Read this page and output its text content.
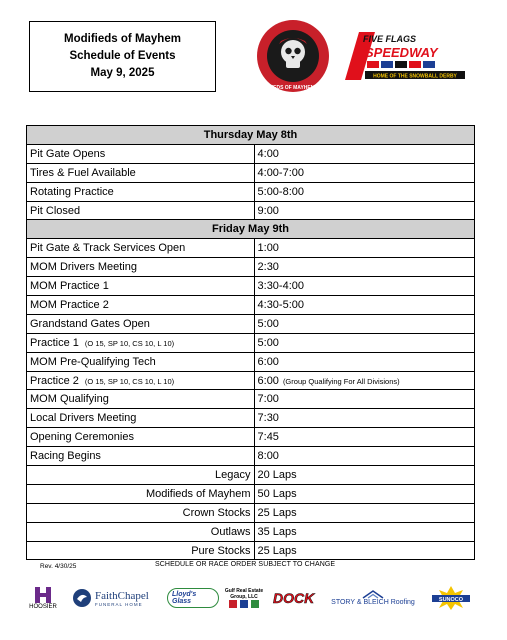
Modifieds of Mayhem
Schedule of Events
May 9, 2025
MODIFIEDS OF MAYHEM TOUR
FIVE FLAGS
SPEEDWAY
HOME OF THE SNOWBALL DERBY
Thursday May 8th	
Pit Gate Opens	4:00
Tires & Fuel Available	4:00-7:00
Rotating Practice	5:00-8:00
Pit Closed	9:00
Friday May 9th	
Pit Gate & Track Services Open	1:00
MOM Drivers Meeting	2:30
MOM Practice 1	3:30-4:00
MOM Practice 2	4:30-5:00
Grandstand Gates Open	5:00
Practice 1 (O 15, SP 10, CS 10, L 10)	5:00
MOM Pre-Qualifying Tech	6:00
Practice 2 (O 15, SP 10, CS 10, L 10)	6:00 (Group Qualifying For All Divisions)
MOM Qualifying	7:00
Local Drivers Meeting	7:30
Opening Ceremonies	7:45
Racing Begins	8:00
Legacy	20 Laps
Modifieds of Mayhem	50 Laps
Crown Stocks	25 Laps
Outlaws	35 Laps
Pure Stocks	25 Laps
Rev. 4/30/25	SCHEDULE OR RACE ORDER SUBJECT TO CHANGE
HOOSIER
FaithChapel
FUNERAL HOME
Lloyd's Glass
Gulf Real Estate
Group, LLC DOCK STORY & BLEICH Roofing	SUNOCO
